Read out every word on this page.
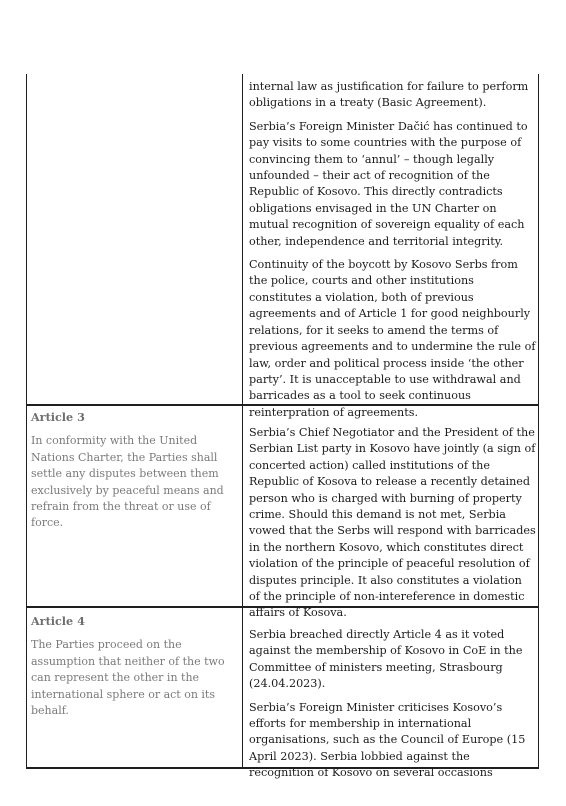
internal law as justification for failure to perform obligations in a treaty (Basic Agreement).

Serbia’s Foreign Minister Dačić has continued to pay visits to some countries with the purpose of convincing them to ‘annul’ – though legally unfounded – their act of recognition of the Republic of Kosovo. This directly contradicts obligations envisaged in the UN Charter on mutual recognition of sovereign equality of each other, independence and territorial integrity.

Continuity of the boycott by Kosovo Serbs from the police, courts and other institutions constitutes a violation, both of previous agreements and of Article 1 for good neighbourly relations, for it seeks to amend the terms of previous agreements and to undermine the rule of law, order and political process inside ‘the other party’. It is unacceptable to use withdrawal and barricades as a tool to seek continuous reinterpration of agreements.

Article 3

In conformity with the United Nations Charter, the Parties shall settle any disputes between them exclusively by peaceful means and refrain from the threat or use of force.

Serbia’s Chief Negotiator and the President of the Serbian List party in Kosovo have jointly (a sign of concerted action) called institutions of the Republic of Kosova to release a recently detained person who is charged with burning of property crime. Should this demand is not met, Serbia vowed that the Serbs will respond with barricades in the northern Kosovo, which constitutes direct violation of the principle of peaceful resolution of disputes principle. It also constitutes a violation of the principle of non-intereference in domestic affairs of Kosova.

Article 4

The Parties proceed on the assumption that neither of the two can represent the other in the international sphere or act on its behalf.

Serbia breached directly Article 4 as it voted against the membership of Kosovo in CoE in the Committee of ministers meeting, Strasbourg (24.04.2023).

Serbia’s Foreign Minister criticises Kosovo’s efforts for membership in international organisations, such as the Council of Europe (15 April 2023). Serbia lobbied against the recognition of Kosovo on several occasions
